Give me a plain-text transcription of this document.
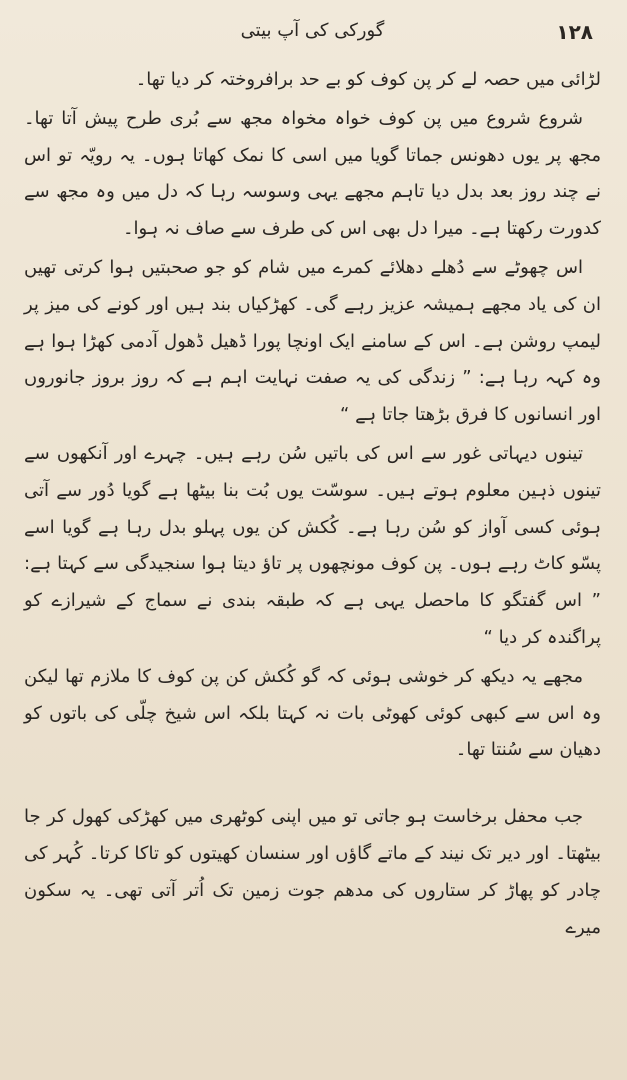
۱۲۸
گورکی کی آپ بیتی

لڑائی میں حصہ لے کر پن کوف کو بے حد برافروختہ کر دیا تھا۔

شروع شروع میں پن کوف خواہ مخواہ مجھ سے بُری طرح پیش آتا تھا۔ مجھ پر یوں دھونس جماتا گویا میں اسی کا نمک کھاتا ہوں۔ یہ رویّہ تو اس نے چند روز بعد بدل دیا تاہم مجھے یہی وسوسہ رہا کہ دل میں وہ مجھ سے کدورت رکھتا ہے۔ میرا دل بھی اس کی طرف سے صاف نہ ہوا۔

اس چھوٹے سے دُھلے دھلائے کمرے میں شام کو جو صحبتیں ہوا کرتی تھیں ان کی یاد مجھے ہمیشہ عزیز رہے گی۔ کھڑکیاں بند ہیں اور کونے کی میز پر لیمپ روشن ہے۔ اس کے سامنے ایک اونچا پورا ڈھیل ڈھول آدمی کھڑا ہوا ہے وہ کہہ رہا ہے: ” زندگی کی یہ صفت نہایت اہم ہے کہ روز بروز جانوروں اور انسانوں کا فرق بڑھتا جاتا ہے “

تینوں دیہاتی غور سے اس کی باتیں سُن رہے ہیں۔ چہرے اور آنکھوں سے تینوں ذہین معلوم ہوتے ہیں۔ سوسّت یوں بُت بنا بیٹھا ہے گویا دُور سے آتی ہوئی کسی آواز کو سُن رہا ہے۔ کُکش کن یوں پہلو بدل رہا ہے گویا اسے پسّو کاٹ رہے ہوں۔ پن کوف مونچھوں پر تاؤ دیتا ہوا سنجیدگی سے کہتا ہے: ” اس گفتگو کا ماحصل یہی ہے کہ طبقہ بندی نے سماج کے شیرازے کو پراگندہ کر دیا “

مجھے یہ دیکھ کر خوشی ہوئی کہ گو کُکش کن پن کوف کا ملازم تھا لیکن وہ اس سے کبھی کوئی کھوٹی بات نہ کہتا بلکہ اس شیخ چلّی کی باتوں کو دھیان سے سُنتا تھا۔

جب محفل برخاست ہو جاتی تو میں اپنی کوٹھری میں کھڑکی کھول کر جا بیٹھتا۔ اور دیر تک نیند کے ماتے گاؤں اور سنسان کھیتوں کو تاکا کرتا۔ کُہر کی چادر کو پھاڑ کر ستاروں کی مدھم جوت زمین تک اُتر آتی تھی۔ یہ سکون میرے
